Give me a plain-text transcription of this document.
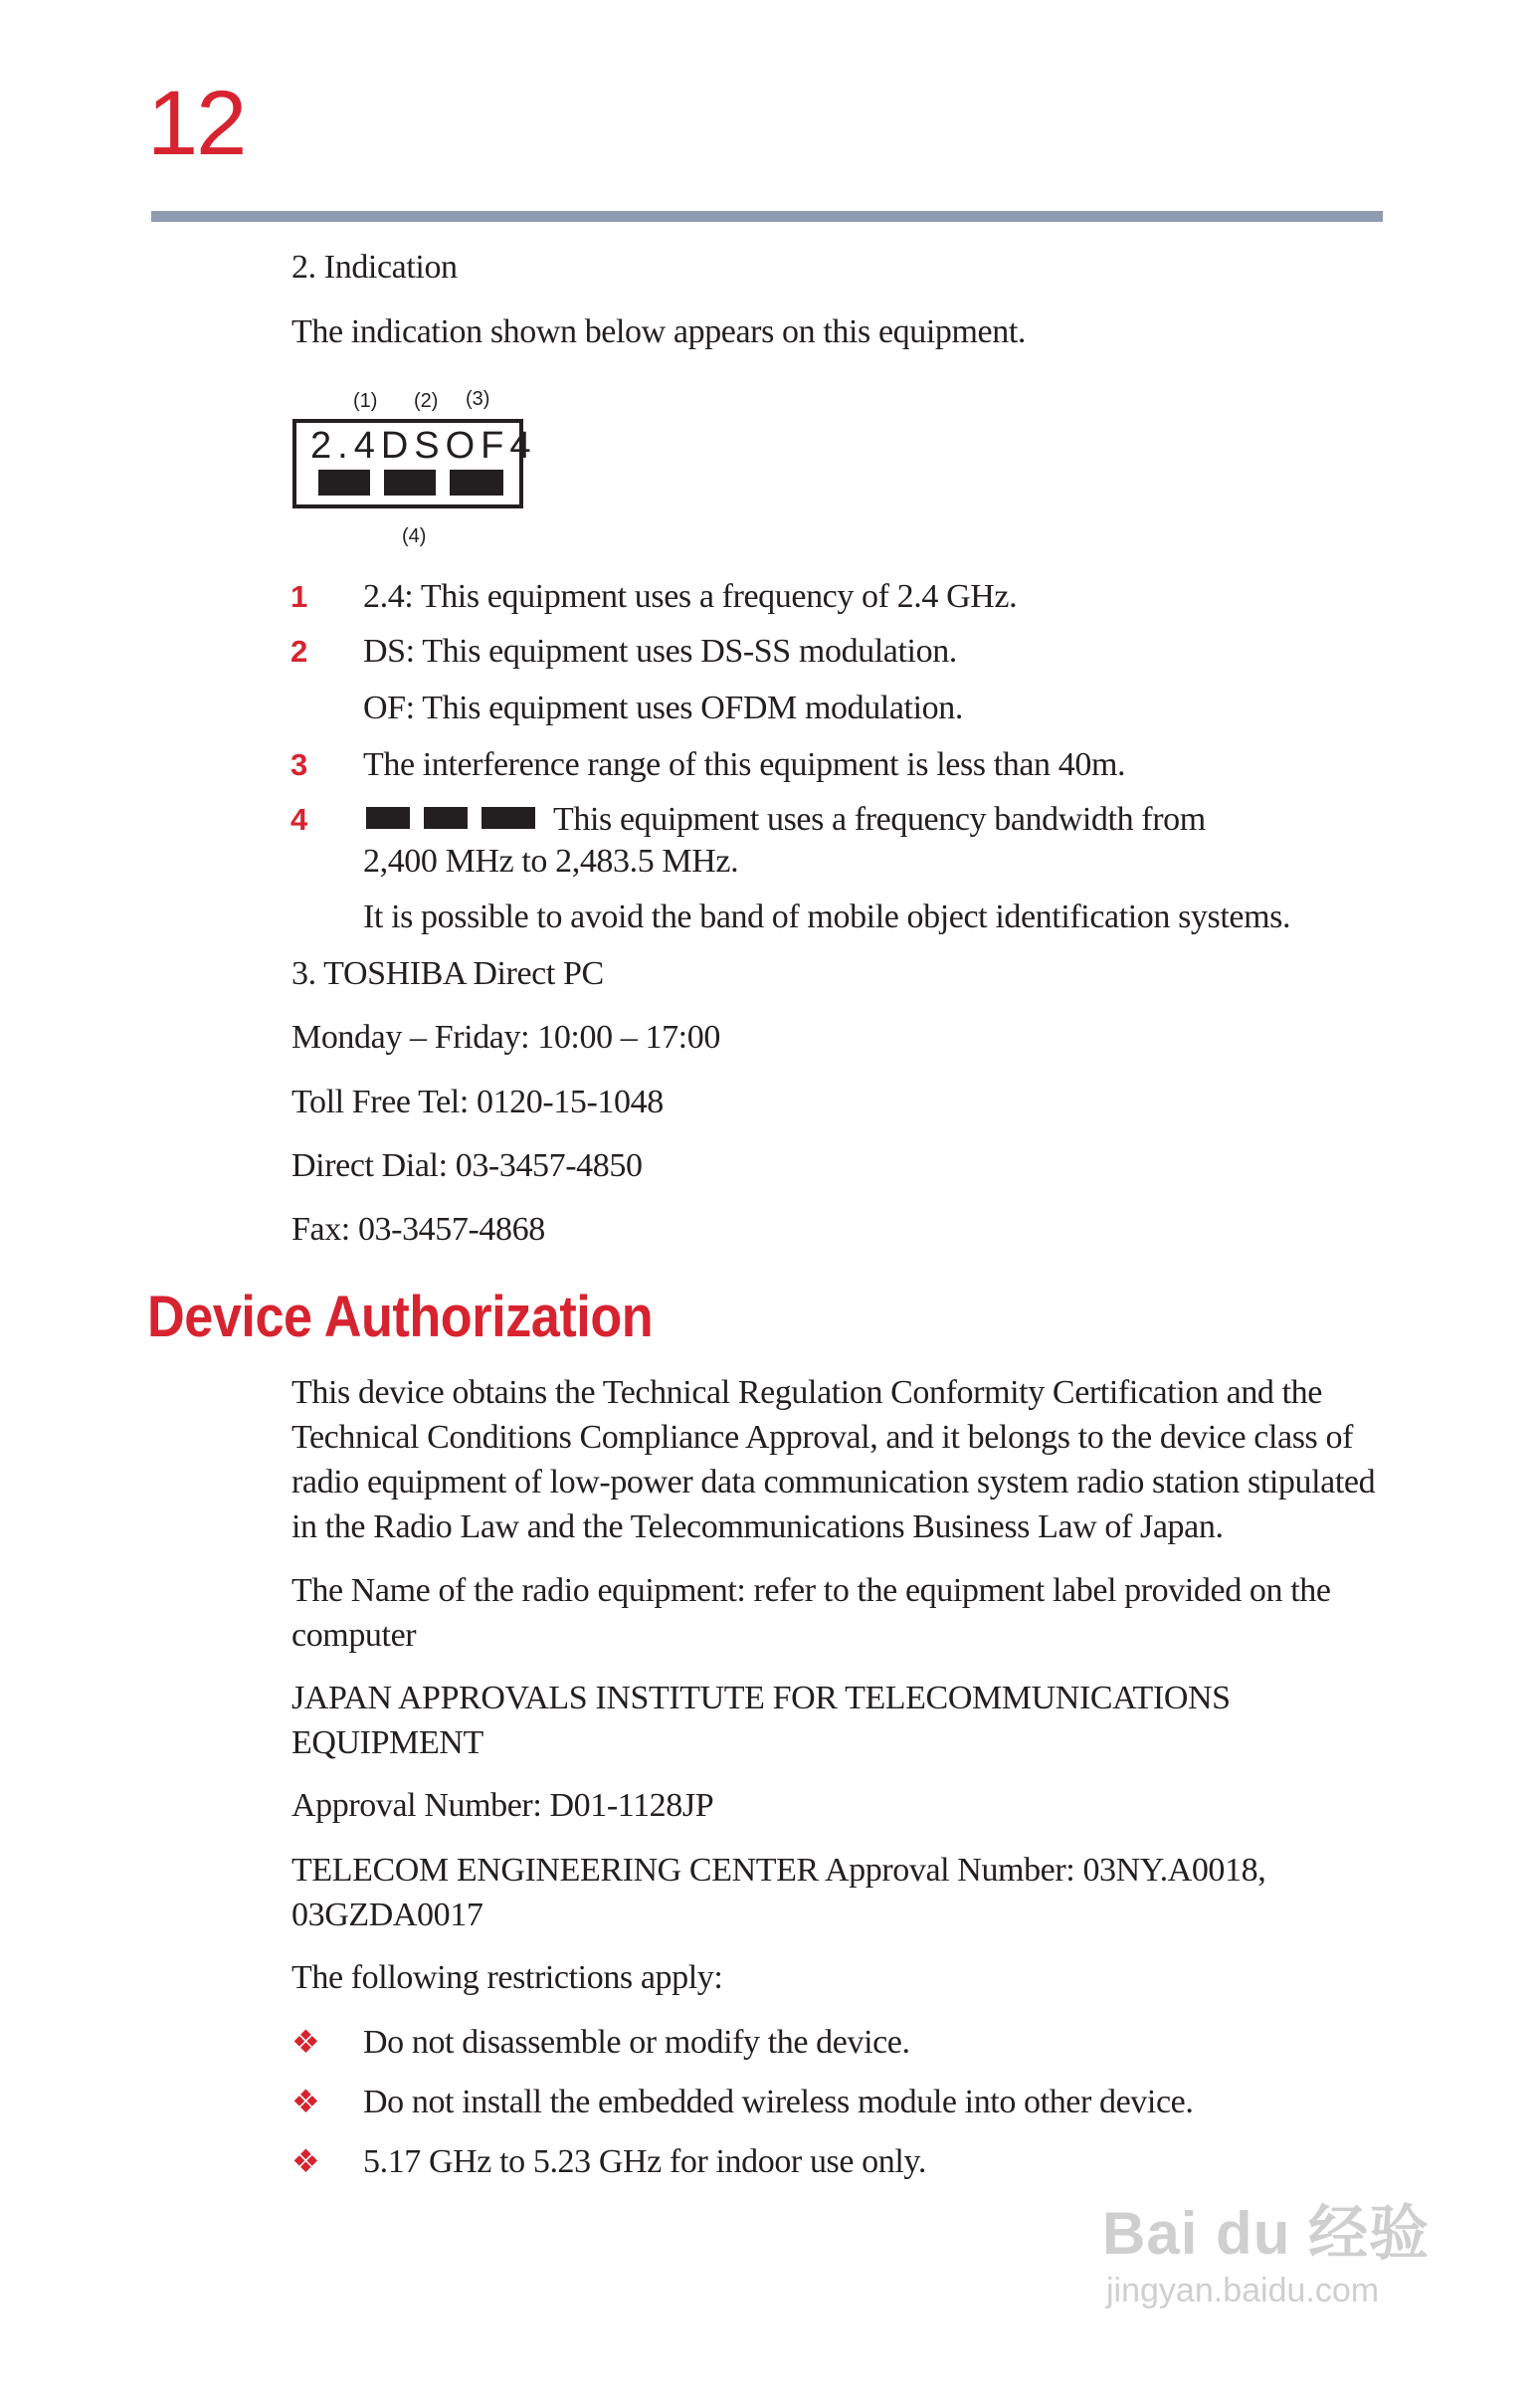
12
2. Indication
The indication shown below appears on this equipment.
(1) (2) (3)
2.4DSOF4
(4)
1 2.4: This equipment uses a frequency of 2.4 GHz.
2 DS: This equipment uses DS-SS modulation.
OF: This equipment uses OFDM modulation.
3 The interference range of this equipment is less than 40m.
4	This equipment uses a frequency bandwidth from
2,400 MHz to 2,483.5 MHz.
It is possible to avoid the band of mobile object identification systems.
3. TOSHIBA Direct PC
Monday – Friday: 10:00 – 17:00
Toll Free Tel: 0120-15-1048
Direct Dial: 03-3457-4850
Fax: 03-3457-4868
Device Authorization
This device obtains the Technical Regulation Conformity Certification and the Technical Conditions Compliance Approval, and it belongs to the device class of radio equipment of low-power data communication system radio station stipulated in the Radio Law and the Telecommunications Business Law of Japan.
The Name of the radio equipment: refer to the equipment label provided on the computer
JAPAN APPROVALS INSTITUTE FOR TELECOMMUNICATIONS EQUIPMENT
Approval Number: D01-1128JP
TELECOM ENGINEERING CENTER Approval Number: 03NY.A0018, 03GZDA0017
The following restrictions apply:
❖ Do not disassemble or modify the device.
❖ Do not install the embedded wireless module into other device.
❖ 5.17 GHz to 5.23 GHz for indoor use only.
Bai du 经验
jingyan.baidu.com
